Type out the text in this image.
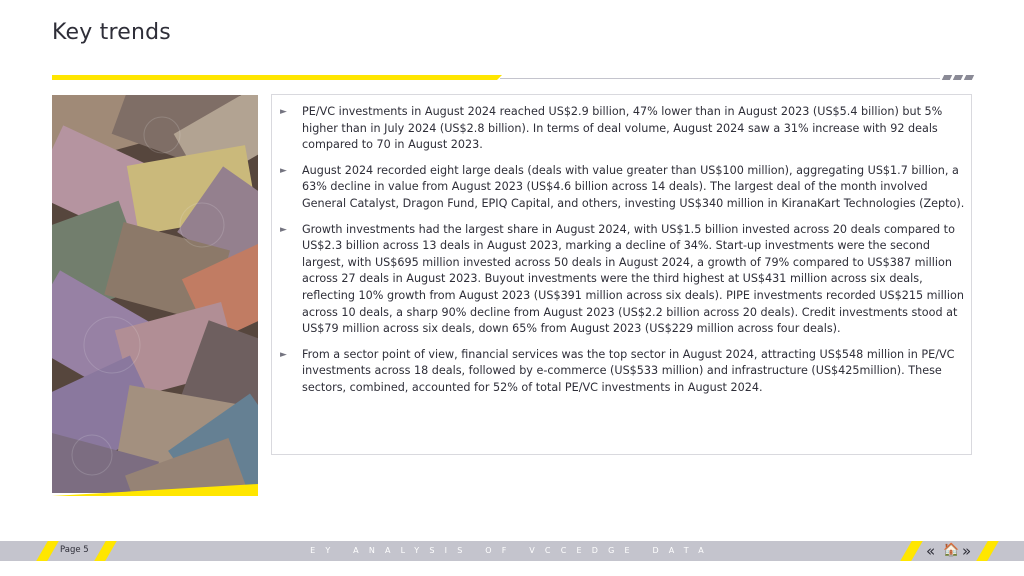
Key trends
► PE/VC investments in August 2024 reached US$2.9 billion, 47% lower than in August 2023 (US$5.4 billion) but 5% higher than in July 2024 (US$2.8 billion). In terms of deal volume, August 2024 saw a 31% increase with 92 deals compared to 70 in August 2023.
► August 2024 recorded eight large deals (deals with value greater than US$100 million), aggregating US$1.7 billion, a 63% decline in value from August 2023 (US$4.6 billion across 14 deals). The largest deal of the month involved General Catalyst, Dragon Fund, EPIQ Capital, and others, investing US$340 million in KiranaKart Technologies (Zepto).
► Growth investments had the largest share in August 2024, with US$1.5 billion invested across 20 deals compared to US$2.3 billion across 13 deals in August 2023, marking a decline of 34%. Start-up investments were the second largest, with US$695 million invested across 50 deals in August 2024, a growth of 79% compared to US$387 million across 27 deals in August 2023. Buyout investments were the third highest at US$431 million across six deals, reflecting 10% growth from August 2023 (US$391 million across six deals). PIPE investments recorded US$215 million across 10 deals, a sharp 90% decline from August 2023 (US$2.2 billion across 20 deals). Credit investments stood at US$79 million across six deals, down 65% from August 2023 (US$229 million across four deals).
► From a sector point of view, financial services was the top sector in August 2024, attracting US$548 million in PE/VC investments across 18 deals, followed by e-commerce (US$533 million) and infrastructure (US$425million). These sectors, combined, accounted for 52% of total PE/VC investments in August 2024.
Page 5	EY ANALYSIS OF VCCEDGE DATA	« 🏠 »
